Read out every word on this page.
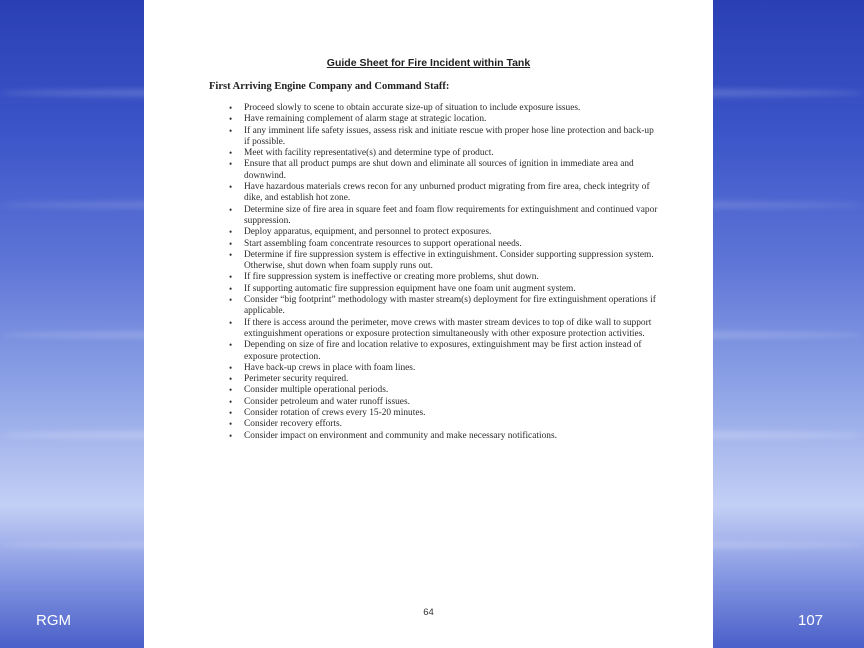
Guide Sheet for Fire Incident within Tank
First Arriving Engine Company and Command Staff:
• Proceed slowly to scene to obtain accurate size-up of situation to include exposure issues.
• Have remaining complement of alarm stage at strategic location.
• If any imminent life safety issues, assess risk and initiate rescue with proper hose line protection and back-up if possible.
• Meet with facility representative(s) and determine type of product.
• Ensure that all product pumps are shut down and eliminate all sources of ignition in immediate area and downwind.
• Have hazardous materials crews recon for any unburned product migrating from fire area, check integrity of dike, and establish hot zone.
• Determine size of fire area in square feet and foam flow requirements for extinguishment and continued vapor suppression.
• Deploy apparatus, equipment, and personnel to protect exposures.
• Start assembling foam concentrate resources to support operational needs.
• Determine if fire suppression system is effective in extinguishment. Consider supporting suppression system. Otherwise, shut down when foam supply runs out.
• If fire suppression system is ineffective or creating more problems, shut down.
• If supporting automatic fire suppression equipment have one foam unit augment system.
• Consider “big footprint” methodology with master stream(s) deployment for fire extinguishment operations if applicable.
• If there is access around the perimeter, move crews with master stream devices to top of dike wall to support extinguishment operations or exposure protection simultaneously with other exposure protection activities.
• Depending on size of fire and location relative to exposures, extinguishment may be first action instead of exposure protection.
• Have back-up crews in place with foam lines.
• Perimeter security required.
• Consider multiple operational periods.
• Consider petroleum and water runoff issues.
• Consider rotation of crews every 15-20 minutes.
• Consider recovery efforts.
• Consider impact on environment and community and make necessary notifications.
64
RGM	107
